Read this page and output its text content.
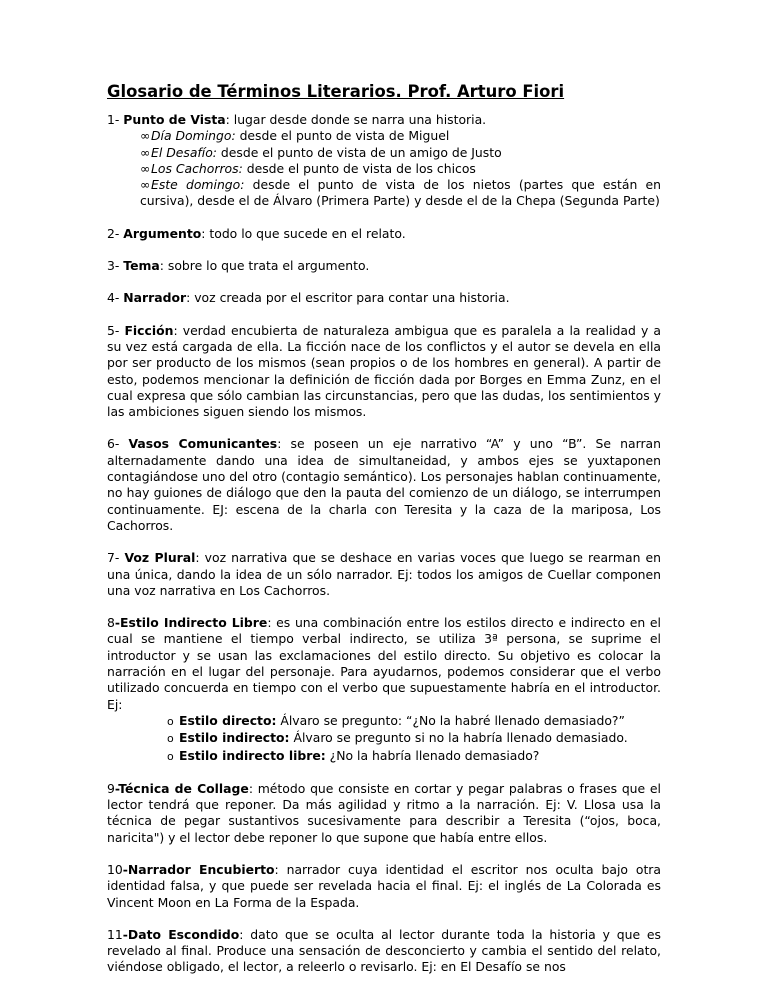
Glosario de Términos Literarios. Prof. Arturo Fiori
1- Punto de Vista: lugar desde donde se narra una historia.
∞Día Domingo: desde el punto de vista de Miguel
∞El Desafío: desde el punto de vista de un amigo de Justo
∞Los Cachorros: desde el punto de vista de los chicos
∞Este domingo: desde el punto de vista de los nietos (partes que están en cursiva), desde el de Álvaro (Primera Parte) y desde el de la Chepa (Segunda Parte)

2- Argumento: todo lo que sucede en el relato.

3- Tema: sobre lo que trata el argumento.

4- Narrador: voz creada por el escritor para contar una historia.

5- Ficción: verdad encubierta de naturaleza ambigua que es paralela a la realidad y a su vez está cargada de ella. La ficción nace de los conflictos y el autor se devela en ella por ser producto de los mismos (sean propios o de los hombres en general). A partir de esto, podemos mencionar la definición de ficción dada por Borges en Emma Zunz, en el cual expresa que sólo cambian las circunstancias, pero que las dudas, los sentimientos y las ambiciones siguen siendo los mismos.

6- Vasos Comunicantes: se poseen un eje narrativo “A” y uno “B”. Se narran alternadamente dando una idea de simultaneidad, y ambos ejes se yuxtaponen contagiándose uno del otro (contagio semántico). Los personajes hablan continuamente, no hay guiones de diálogo que den la pauta del comienzo de un diálogo, se interrumpen continuamente. EJ: escena de la charla con Teresita y la caza de la mariposa, Los Cachorros.

7- Voz Plural: voz narrativa que se deshace en varias voces que luego se rearman en una única, dando la idea de un sólo narrador. Ej: todos los amigos de Cuellar componen una voz narrativa en Los Cachorros.

8-Estilo Indirecto Libre: es una combinación entre los estilos directo e indirecto en el cual se mantiene el tiempo verbal indirecto, se utiliza 3ª persona, se suprime el introductor y se usan las exclamaciones del estilo directo. Su objetivo es colocar la narración en el lugar del personaje. Para ayudarnos, podemos considerar que el verbo utilizado concuerda en tiempo con el verbo que supuestamente habría en el introductor. Ej:
o Estilo directo: Álvaro se pregunto: “¿No la habré llenado demasiado?”
o Estilo indirecto: Álvaro se pregunto si no la habría llenado demasiado.
o Estilo indirecto libre: ¿No la habría llenado demasiado?

9-Técnica de Collage: método que consiste en cortar y pegar palabras o frases que el lector tendrá que reponer. Da más agilidad y ritmo a la narración. Ej: V. Llosa usa la técnica de pegar sustantivos sucesivamente para describir a Teresita (“ojos, boca, naricita") y el lector debe reponer lo que supone que había entre ellos.

10-Narrador Encubierto: narrador cuya identidad el escritor nos oculta bajo otra identidad falsa, y que puede ser revelada hacia el final. Ej: el inglés de La Colorada es Vincent Moon en La Forma de la Espada.

11-Dato Escondido: dato que se oculta al lector durante toda la historia y que es revelado al final. Produce una sensación de desconcierto y cambia el sentido del relato, viéndose obligado, el lector, a releerlo o revisarlo. Ej: en El Desafío se nos
